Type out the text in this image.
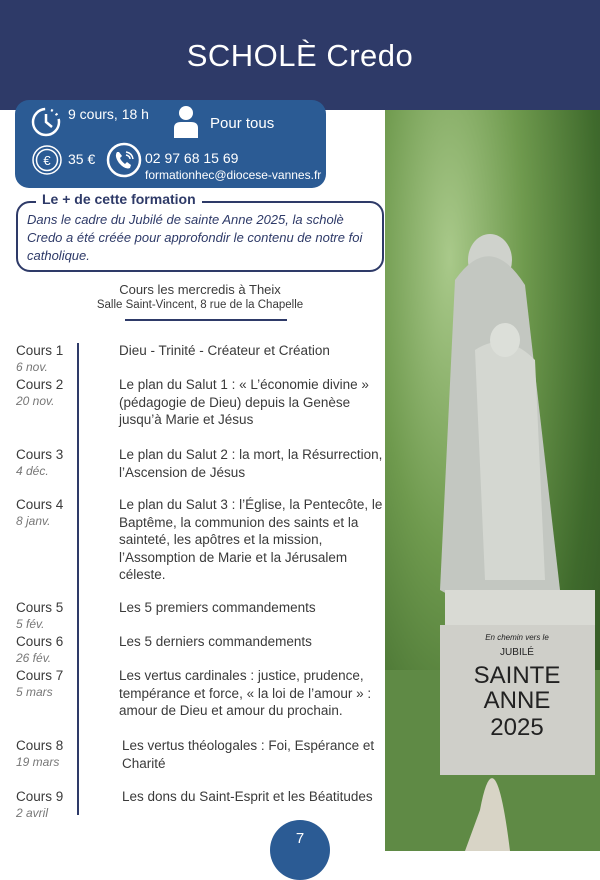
SCHOLÈ Credo
En chemin vers le
JUBILÉ
SAINTE
ANNE
2025
9 cours, 18 h
Pour tous
€ 35 €	02 97 68 15 69
formationhec@diocese-vannes.fr
Le + de cette formation
Dans le cadre du Jubilé de sainte Anne 2025, la scholè Credo a été créée pour approfondir le contenu de notre foi catholique.
Cours les mercredis à Theix
Salle Saint-Vincent, 8 rue de la Chapelle
Cours 1
6 nov.
Dieu - Trinité - Créateur et Création
Cours 2
20 nov.
Le plan du Salut 1 : « L’économie divine »
(pédagogie de Dieu) depuis la Genèse
jusqu’à Marie et Jésus
Cours 3
4 déc.
Le plan du Salut 2 : la mort, la Résurrection,
l’Ascension de Jésus
Cours 4
8 janv.
Le plan du Salut 3 : l’Église, la Pentecôte, le
Baptême, la communion des saints et la
sainteté, les apôtres et la mission,
l’Assomption de Marie et la Jérusalem
céleste.
Cours 5
5 fév.
Les 5 premiers commandements
Cours 6
26 fév.
Les 5 derniers commandements
Cours 7
5 mars
Les vertus cardinales : justice, prudence,
tempérance et force, « la loi de l’amour » :
amour de Dieu et amour du prochain.
Cours 8
19 mars
Les vertus théologales : Foi, Espérance et
Charité
Cours 9
2 avril
Les dons du Saint-Esprit et les Béatitudes
7
